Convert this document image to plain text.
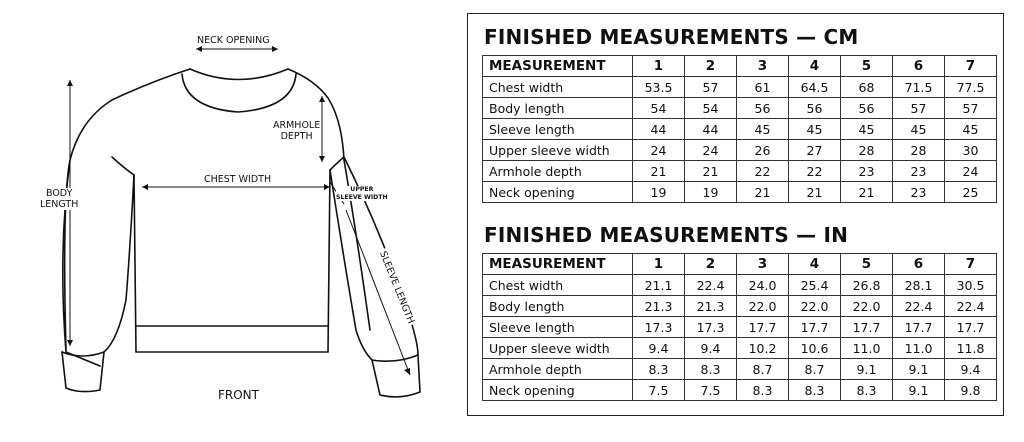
NECK OPENING
ARMHOLE
DEPTH
CHEST WIDTH
BODY
LENGTH
UPPER
SLEEVE WIDTH
SLEEVE LENGTH
FRONT
FINISHED MEASUREMENTS — CM
MEASUREMENT	1	2	3	4	5	6	7
Chest width	53.5	57	61	64.5	68	71.5	77.5
Body length	54	54	56	56	56	57	57
Sleeve length	44	44	45	45	45	45	45
Upper sleeve width	24	24	26	27	28	28	30
Armhole depth	21	21	22	22	23	23	24
Neck opening	19	19	21	21	21	23	25
FINISHED MEASUREMENTS — IN
MEASUREMENT	1	2	3	4	5	6	7
Chest width	21.1	22.4	24.0	25.4	26.8	28.1	30.5
Body length	21.3	21.3	22.0	22.0	22.0	22.4	22.4
Sleeve length	17.3	17.3	17.7	17.7	17.7	17.7	17.7
Upper sleeve width	9.4	9.4	10.2	10.6	11.0	11.0	11.8
Armhole depth	8.3	8.3	8.7	8.7	9.1	9.1	9.4
Neck opening	7.5	7.5	8.3	8.3	8.3	9.1	9.8
